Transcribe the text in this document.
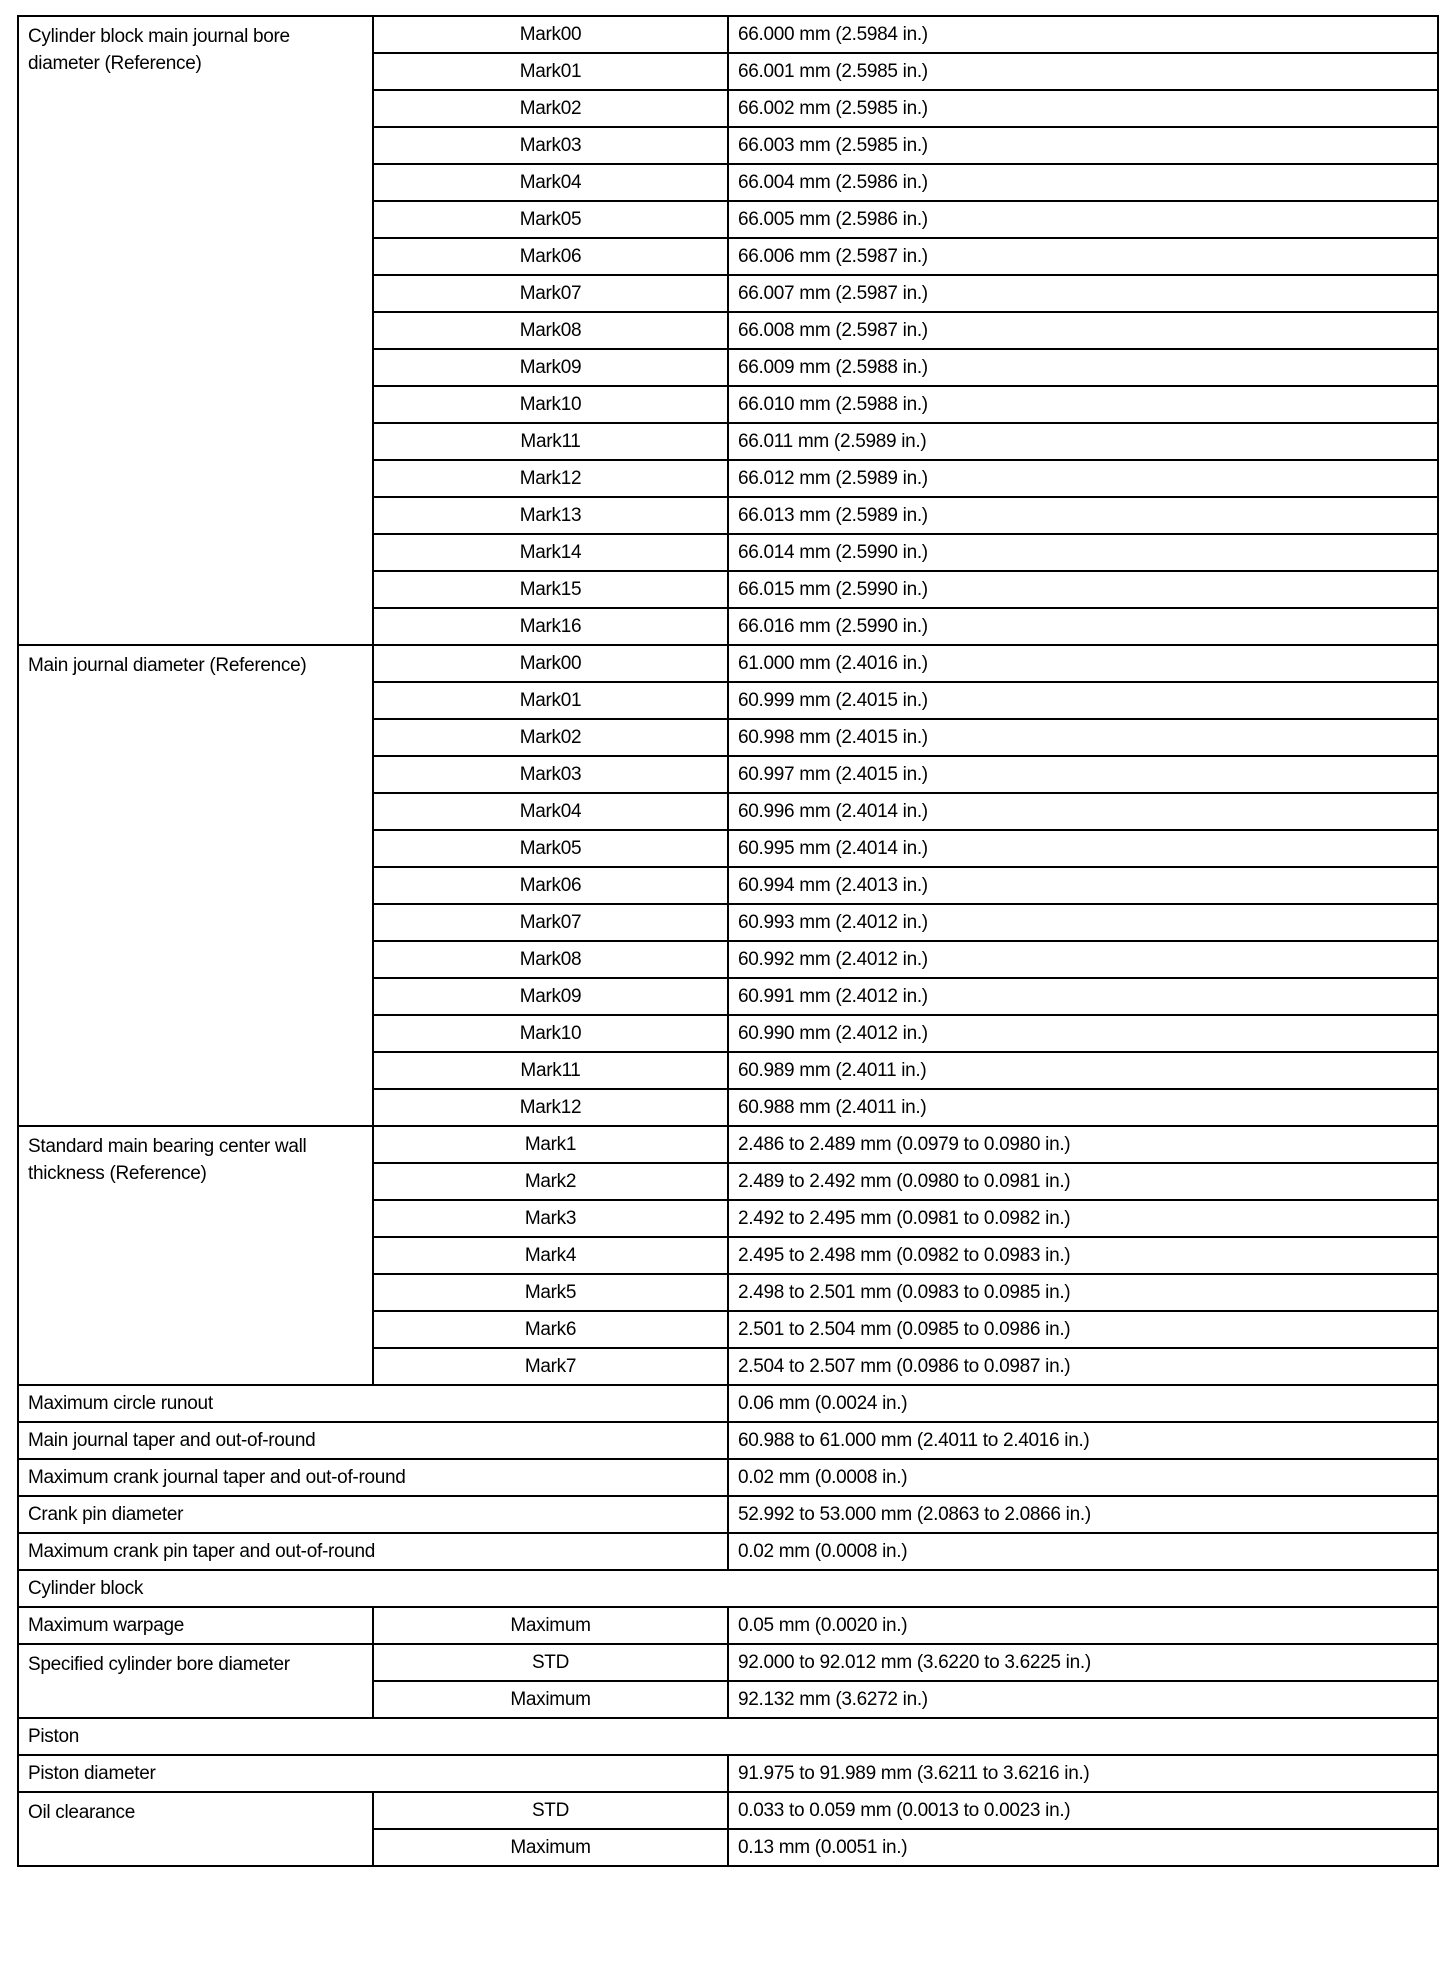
Cylinder block main journal bore diameter (Reference)	Mark00	66.000 mm (2.5984 in.)
	Mark01	66.001 mm (2.5985 in.)
	Mark02	66.002 mm (2.5985 in.)
	Mark03	66.003 mm (2.5985 in.)
	Mark04	66.004 mm (2.5986 in.)
	Mark05	66.005 mm (2.5986 in.)
	Mark06	66.006 mm (2.5987 in.)
	Mark07	66.007 mm (2.5987 in.)
	Mark08	66.008 mm (2.5987 in.)
	Mark09	66.009 mm (2.5988 in.)
	Mark10	66.010 mm (2.5988 in.)
	Mark11	66.011 mm (2.5989 in.)
	Mark12	66.012 mm (2.5989 in.)
	Mark13	66.013 mm (2.5989 in.)
	Mark14	66.014 mm (2.5990 in.)
	Mark15	66.015 mm (2.5990 in.)
	Mark16	66.016 mm (2.5990 in.)
Main journal diameter (Reference)	Mark00	61.000 mm (2.4016 in.)
	Mark01	60.999 mm (2.4015 in.)
	Mark02	60.998 mm (2.4015 in.)
	Mark03	60.997 mm (2.4015 in.)
	Mark04	60.996 mm (2.4014 in.)
	Mark05	60.995 mm (2.4014 in.)
	Mark06	60.994 mm (2.4013 in.)
	Mark07	60.993 mm (2.4012 in.)
	Mark08	60.992 mm (2.4012 in.)
	Mark09	60.991 mm (2.4012 in.)
	Mark10	60.990 mm (2.4012 in.)
	Mark11	60.989 mm (2.4011 in.)
	Mark12	60.988 mm (2.4011 in.)
Standard main bearing center wall thickness (Reference)	Mark1	2.486 to 2.489 mm (0.0979 to 0.0980 in.)
	Mark2	2.489 to 2.492 mm (0.0980 to 0.0981 in.)
	Mark3	2.492 to 2.495 mm (0.0981 to 0.0982 in.)
	Mark4	2.495 to 2.498 mm (0.0982 to 0.0983 in.)
	Mark5	2.498 to 2.501 mm (0.0983 to 0.0985 in.)
	Mark6	2.501 to 2.504 mm (0.0985 to 0.0986 in.)
	Mark7	2.504 to 2.507 mm (0.0986 to 0.0987 in.)
Maximum circle runout		0.06 mm (0.0024 in.)
Main journal taper and out-of-round		60.988 to 61.000 mm (2.4011 to 2.4016 in.)
Maximum crank journal taper and out-of-round		0.02 mm (0.0008 in.)
Crank pin diameter		52.992 to 53.000 mm (2.0863 to 2.0866 in.)
Maximum crank pin taper and out-of-round		0.02 mm (0.0008 in.)
Cylinder block		
Maximum warpage	Maximum	0.05 mm (0.0020 in.)
Specified cylinder bore diameter	STD	92.000 to 92.012 mm (3.6220 to 3.6225 in.)
	Maximum	92.132 mm (3.6272 in.)
Piston		
Piston diameter		91.975 to 91.989 mm (3.6211 to 3.6216 in.)
Oil clearance	STD	0.033 to 0.059 mm (0.0013 to 0.0023 in.)
	Maximum	0.13 mm (0.0051 in.)
